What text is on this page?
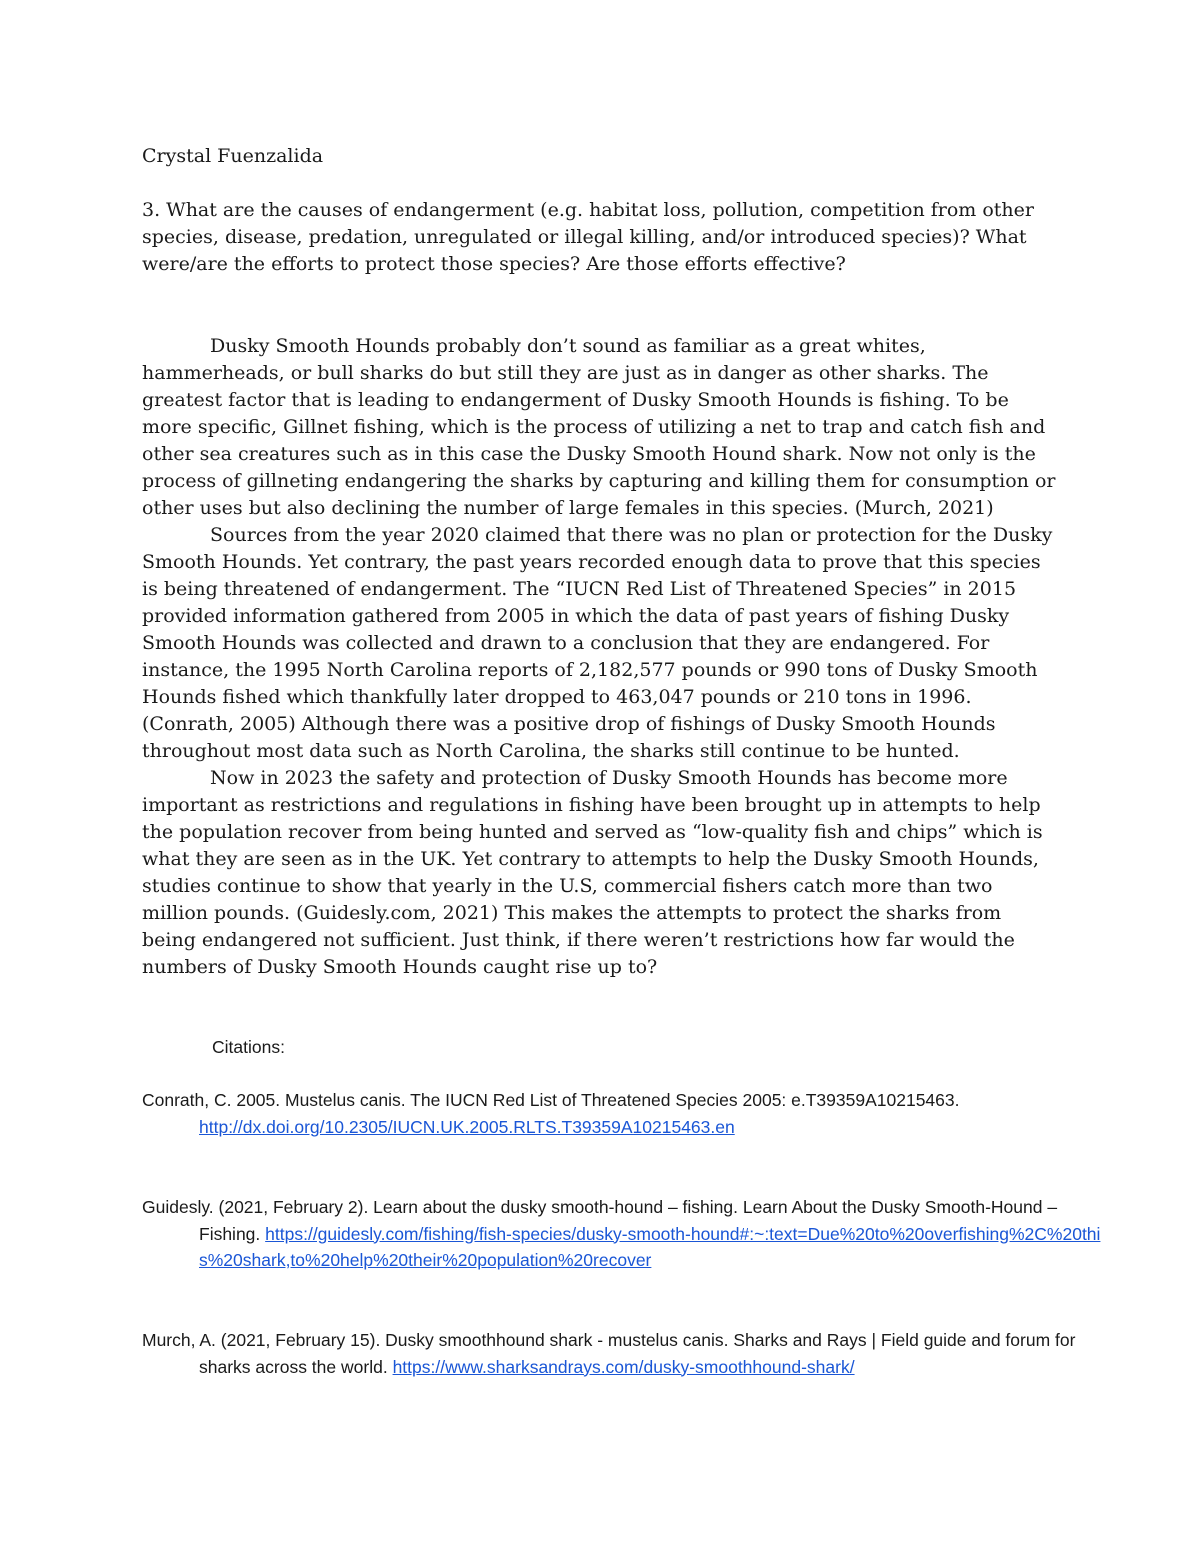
Crystal Fuenzalida

3. What are the causes of endangerment (e.g. habitat loss, pollution, competition from other species, disease, predation, unregulated or illegal killing, and/or introduced species)? What were/are the efforts to protect those species? Are those efforts effective?

Dusky Smooth Hounds probably don’t sound as familiar as a great whites, hammerheads, or bull sharks do but still they are just as in danger as other sharks. The greatest factor that is leading to endangerment of Dusky Smooth Hounds is fishing. To be more specific, Gillnet fishing, which is the process of utilizing a net to trap and catch fish and other sea creatures such as in this case the Dusky Smooth Hound shark. Now not only is the process of gillneting endangering the sharks by capturing and killing them for consumption or other uses but also declining the number of large females in this species. (Murch, 2021)

Sources from the year 2020 claimed that there was no plan or protection for the Dusky Smooth Hounds. Yet contrary, the past years recorded enough data to prove that this species is being threatened of endangerment. The “IUCN Red List of Threatened Species” in 2015 provided information gathered from 2005 in which the data of past years of fishing Dusky Smooth Hounds was collected and drawn to a conclusion that they are endangered. For instance, the 1995 North Carolina reports of 2,182,577 pounds or 990 tons of Dusky Smooth Hounds fished which thankfully later dropped to 463,047 pounds or 210 tons in 1996. (Conrath, 2005) Although there was a positive drop of fishings of Dusky Smooth Hounds throughout most data such as North Carolina, the sharks still continue to be hunted.

Now in 2023 the safety and protection of Dusky Smooth Hounds has become more important as restrictions and regulations in fishing have been brought up in attempts to help the population recover from being hunted and served as “low-quality fish and chips” which is what they are seen as in the UK. Yet contrary to attempts to help the Dusky Smooth Hounds, studies continue to show that yearly in the U.S, commercial fishers catch more than two million pounds. (Guidesly.com, 2021) This makes the attempts to protect the sharks from being endangered not sufficient. Just think, if there weren’t restrictions how far would the numbers of Dusky Smooth Hounds caught rise up to?

Citations:

Conrath, C. 2005. Mustelus canis. The IUCN Red List of Threatened Species 2005: e.T39359A10215463.
http://dx.doi.org/10.2305/IUCN.UK.2005.RLTS.T39359A10215463.en

Guidesly. (2021, February 2). Learn about the dusky smooth-hound – fishing. Learn About the Dusky Smooth-Hound – Fishing. https://guidesly.com/fishing/fish-species/dusky-smooth-hound#:~:text=Due%20to%20overfishing%2C%20this%20shark,to%20help%20their%20population%20recover

Murch, A. (2021, February 15). Dusky smoothhound shark - mustelus canis. Sharks and Rays | Field guide and forum for sharks across the world. https://www.sharksandrays.com/dusky-smoothhound-shark/
